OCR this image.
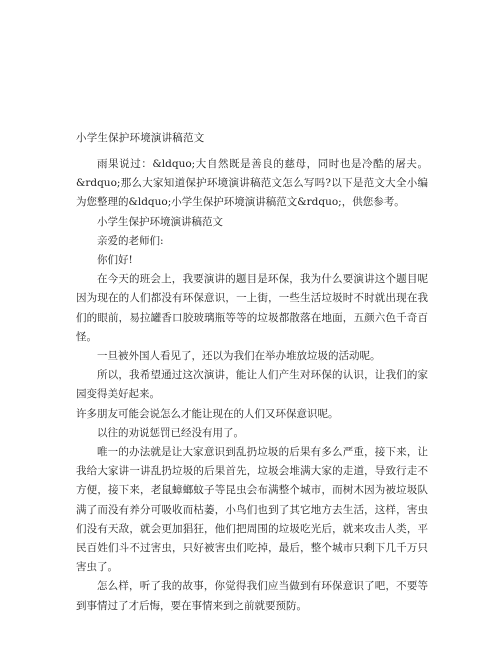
小学生保护环境演讲稿范文

雨果说过：&ldquo;大自然既是善良的慈母，同时也是冷酷的屠夫。&rdquo;那么大家知道保护环境演讲稿范文怎么写吗?以下是范文大全小编为您整理的&ldquo;小学生保护环境演讲稿范文&rdquo;，供您参考。

小学生保护环境演讲稿范文

亲爱的老师们:

你们好!

在今天的班会上，我要演讲的题目是环保，我为什么要演讲这个题目呢因为现在的人们都没有环保意识，一上街，一些生活垃圾时不时就出现在我们的眼前，易拉罐香口胶玻璃瓶等等的垃圾都散落在地面，五颜六色千奇百怪。

一旦被外国人看见了，还以为我们在举办堆放垃圾的活动呢。

所以，我希望通过这次演讲，能让人们产生对环保的认识，让我们的家园变得美好起来。

许多朋友可能会说怎么才能让现在的人们又环保意识呢。

以往的劝说惩罚已经没有用了。

唯一的办法就是让大家意识到乱扔垃圾的后果有多么严重，接下来，让我给大家讲一讲乱扔垃圾的后果首先，垃圾会堆满大家的走道，导致行走不方便，接下来，老鼠蟑螂蚊子等昆虫会布满整个城市，而树木因为被垃圾队满了而没有养分可吸收而枯萎，小鸟们也到了其它地方去生活，这样，害虫们没有天敌，就会更加猖狂，他们把周围的垃圾吃光后，就来攻击人类，平民百姓们斗不过害虫，只好被害虫们吃掉，最后，整个城市只剩下几千万只害虫了。

怎么样，听了我的故事，你觉得我们应当做到有环保意识了吧，不要等到事情过了才后悔，要在事情来到之前就要预防。
